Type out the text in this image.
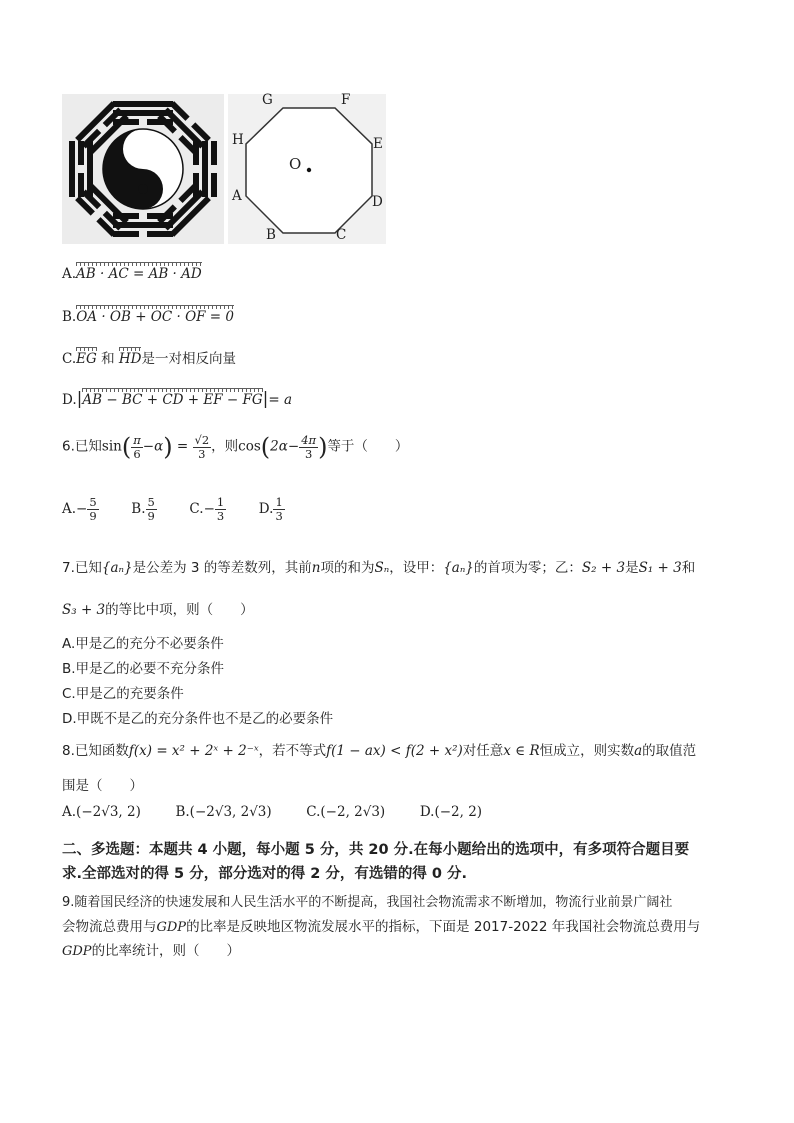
G	F
E
D
C
B
A
H
O
A.AB · AC = AB · AD
B.OA · OB + OC · OF = 0
C.EG 和 HD是一对相反向量
D.|AB − BC + CD + EF − FG|= a
6.已知$\sin( \frac{\pi}{6} -\alpha) = \frac{√2}{3}$ ，则$\cos(2\alpha- \frac{4\pi}{3}$ )等于（　　）
$A.- \frac{5}{9} B$. $\frac{5}{9} C.- \frac{1}{3} D$. $\frac{1}{3}$
7.已知{aₙ}是公差为 3 的等差数列，其前n项的和为Sₙ，设甲：{aₙ}的首项为零；乙：S₂ + 3是S₁ + 3和
S₃ + 3的等比中项，则（　　）
A.甲是乙的充分不必要条件
B.甲是乙的必要不充分条件
C.甲是乙的充要条件
D.甲既不是乙的充分条件也不是乙的必要条件
8.已知函数f(x) = x² + 2ˣ + 2⁻ˣ，若不等式f(1 − ax) < f(2 + x²)对任意x ∈ R恒成立，则实数a的取值范
围是（　　）
A.(−2√3, 2)	B.(−2√3, 2√3)	C.(−2, 2√3)	D.(−2, 2)
二、多选题：本题共 4 小题，每小题 5 分，共 20 分.在每小题给出的选项中，有多项符合题目要
求.全部选对的得 5 分，部分选对的得 2 分，有选错的得 0 分.
9.随着国民经济的快速发展和人民生活水平的不断提高，我国社会物流需求不断增加，物流行业前景广阔社
会物流总费用与GDP的比率是反映地区物流发展水平的指标，下面是 2017-2022 年我国社会物流总费用与
GDP的比率统计，则（　　）
